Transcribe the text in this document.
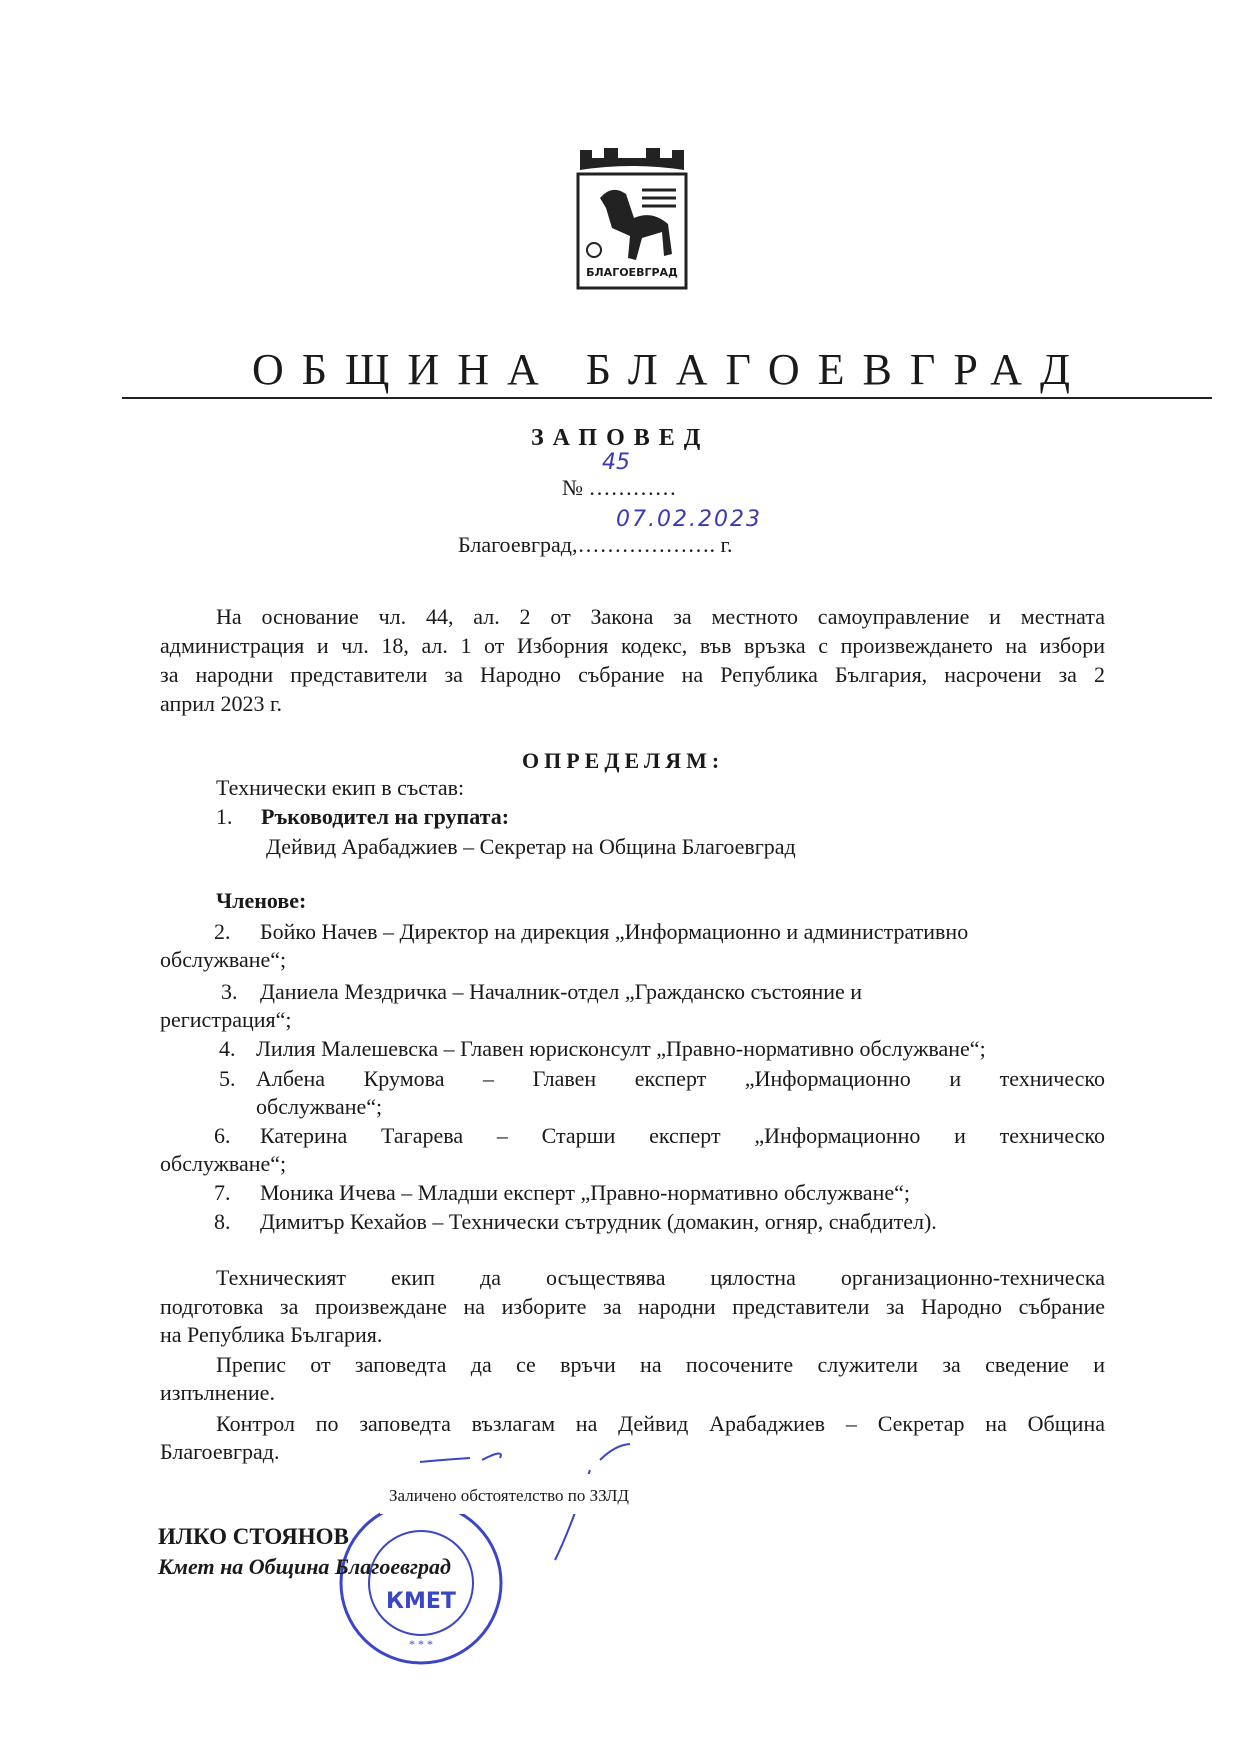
БЛАГОЕВГРАД
ОБЩИНА БЛАГОЕВГРАД
ЗАПОВЕД
№ …………
45
Благоевград,………………. г.
07.02.2023
На основание чл. 44, ал. 2 от Закона за местното самоуправление и местната
администрация и чл. 18, ал. 1 от Изборния кодекс, във връзка с произвеждането на избори
за народни представители за Народно събрание на Република България, насрочени за 2
април 2023 г.
ОПРЕДЕЛЯМ:
Технически екип в състав:
1. Ръководител на групата:
Дейвид Арабаджиев – Секретар на Община Благоевград
Членове:
2. Бойко Начев – Директор на дирекция „Информационно и административно
обслужване“;
3. Даниела Мездричка – Началник-отдел „Гражданско състояние и
регистрация“;
4. Лилия Малешевска – Главен юрисконсулт „Правно-нормативно обслужване“;
5. Албена Крумова – Главен експерт „Информационно и техническо
обслужване“;
6. Катерина Тагарева – Старши експерт „Информационно и техническо
обслужване“;
7. Моника Ичева – Младши експерт „Правно-нормативно обслужване“;
8. Димитър Кехайов – Технически сътрудник (домакин, огняр, снабдител).
Техническият екип да осъществява цялостна организационно-техническа
подготовка за произвеждане на изборите за народни представители за Народно събрание
на Република България.
Препис от заповедта да се връчи на посочените служители за сведение и
изпълнение.
Контрол по заповедта възлагам на Дейвид Арабаджиев – Секретар на Община
Благоевград.
* * *
КМЕТ
Заличено обстоятелство по ЗЗЛД
ИЛКО СТОЯНОВ
Кмет на Община Благоевград
